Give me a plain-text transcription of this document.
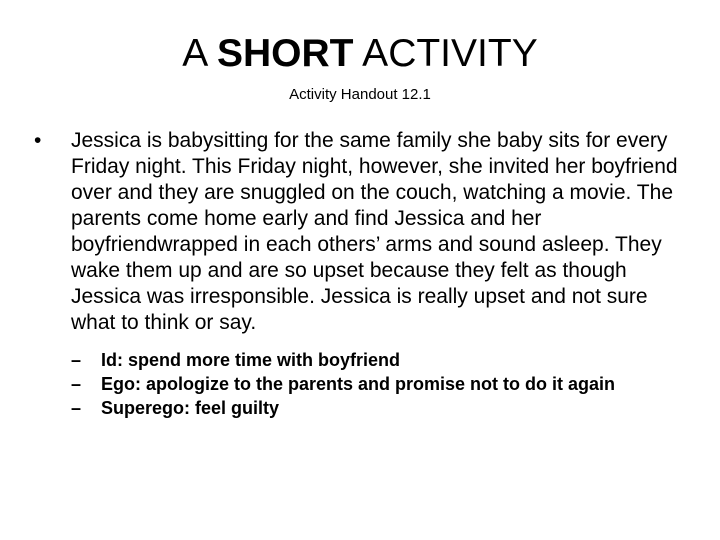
A SHORT ACTIVITY
Activity Handout 12.1
•	Jessica is babysitting for the same family she baby sits for every Friday night. This Friday night, however, she invited her boyfriend over and they are snuggled on the couch, watching a movie. The parents come home early and find Jessica and her boyfriendwrapped in each others’ arms and sound asleep. They wake them up and are so upset because they felt as though Jessica was irresponsible. Jessica is really upset and not sure what to think or say.
–	Id: spend more time with boyfriend
–	Ego: apologize to the parents and promise not to do it again
–	Superego: feel guilty
